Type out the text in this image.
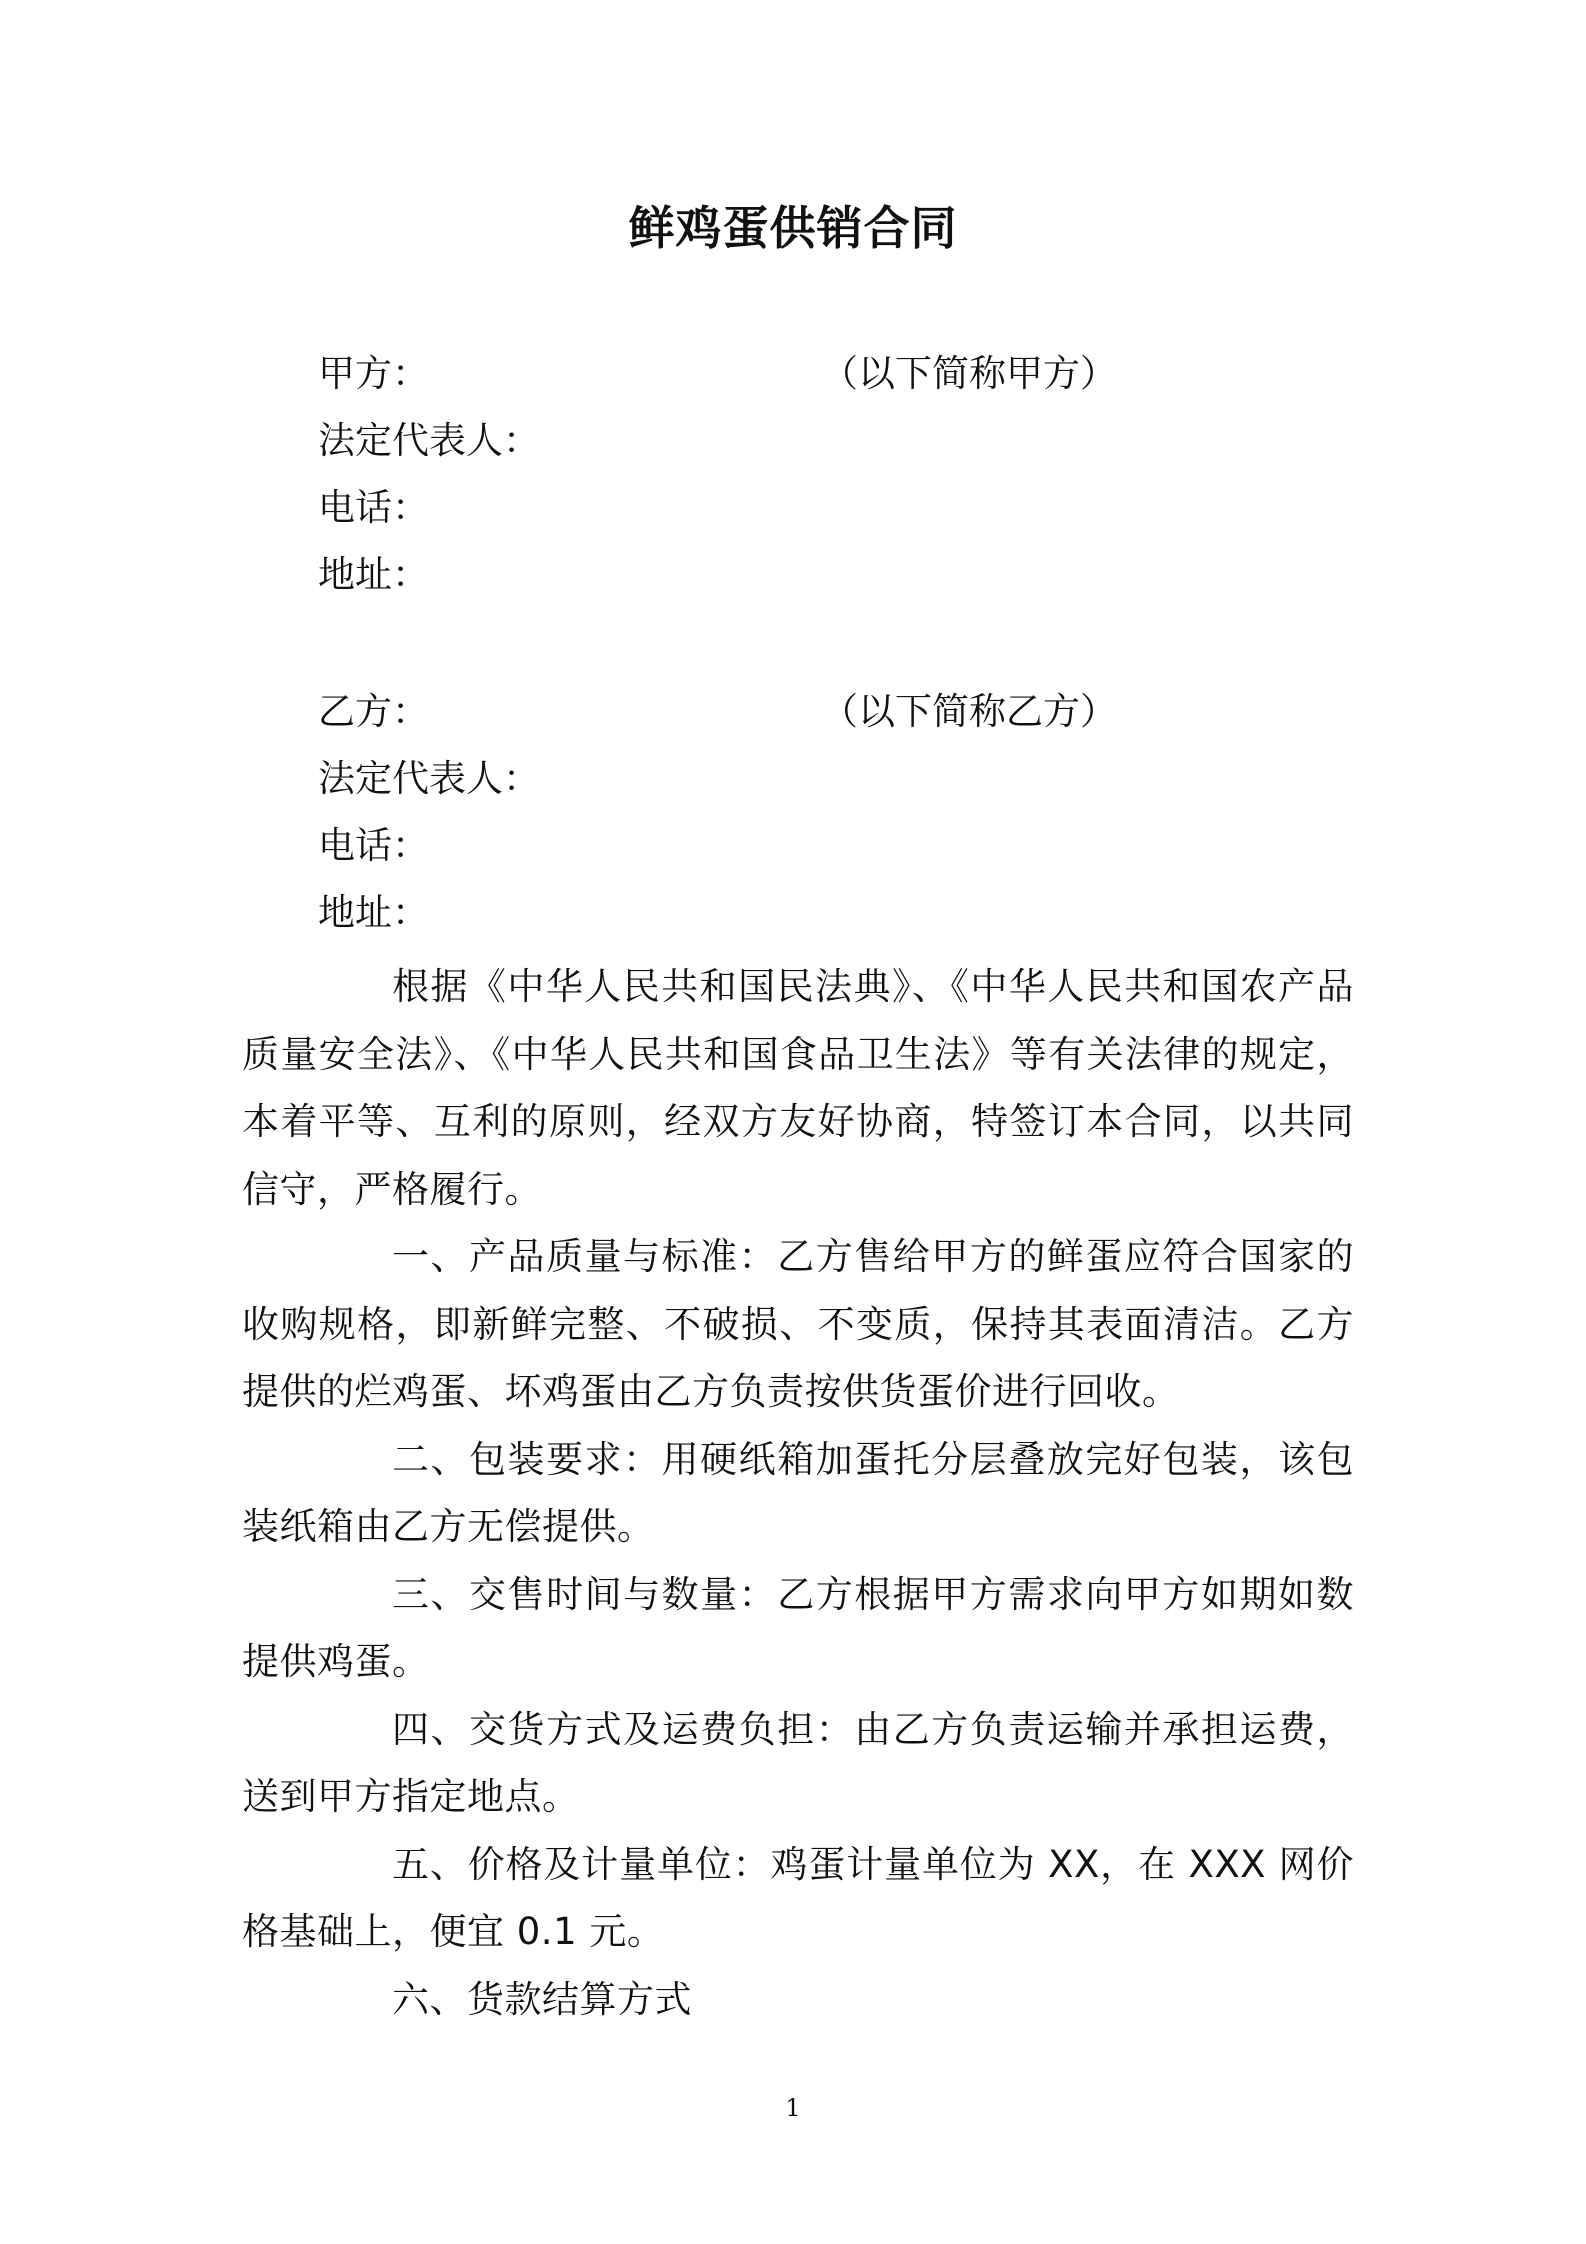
鲜鸡蛋供销合同
甲方：	（以下简称甲方）
法定代表人：
电话：
地址：
乙方：	（以下简称乙方）
法定代表人：
电话：
地址：

根据《中华人民共和国民法典》、《中华人民共和国农产品质量安全法》、《中华人民共和国食品卫生法》等有关法律的规定，本着平等、互利的原则，经双方友好协商，特签订本合同，以共同信守，严格履行。

一、产品质量与标准：乙方售给甲方的鲜蛋应符合国家的收购规格，即新鲜完整、不破损、不变质，保持其表面清洁。乙方提供的烂鸡蛋、坏鸡蛋由乙方负责按供货蛋价进行回收。

二、包装要求：用硬纸箱加蛋托分层叠放完好包装，该包装纸箱由乙方无偿提供。

三、交售时间与数量：乙方根据甲方需求向甲方如期如数提供鸡蛋。

四、交货方式及运费负担：由乙方负责运输并承担运费，送到甲方指定地点。

五、价格及计量单位：鸡蛋计量单位为 XX，在 XXX 网价格基础上，便宜 0.1 元。

六、货款结算方式

1
